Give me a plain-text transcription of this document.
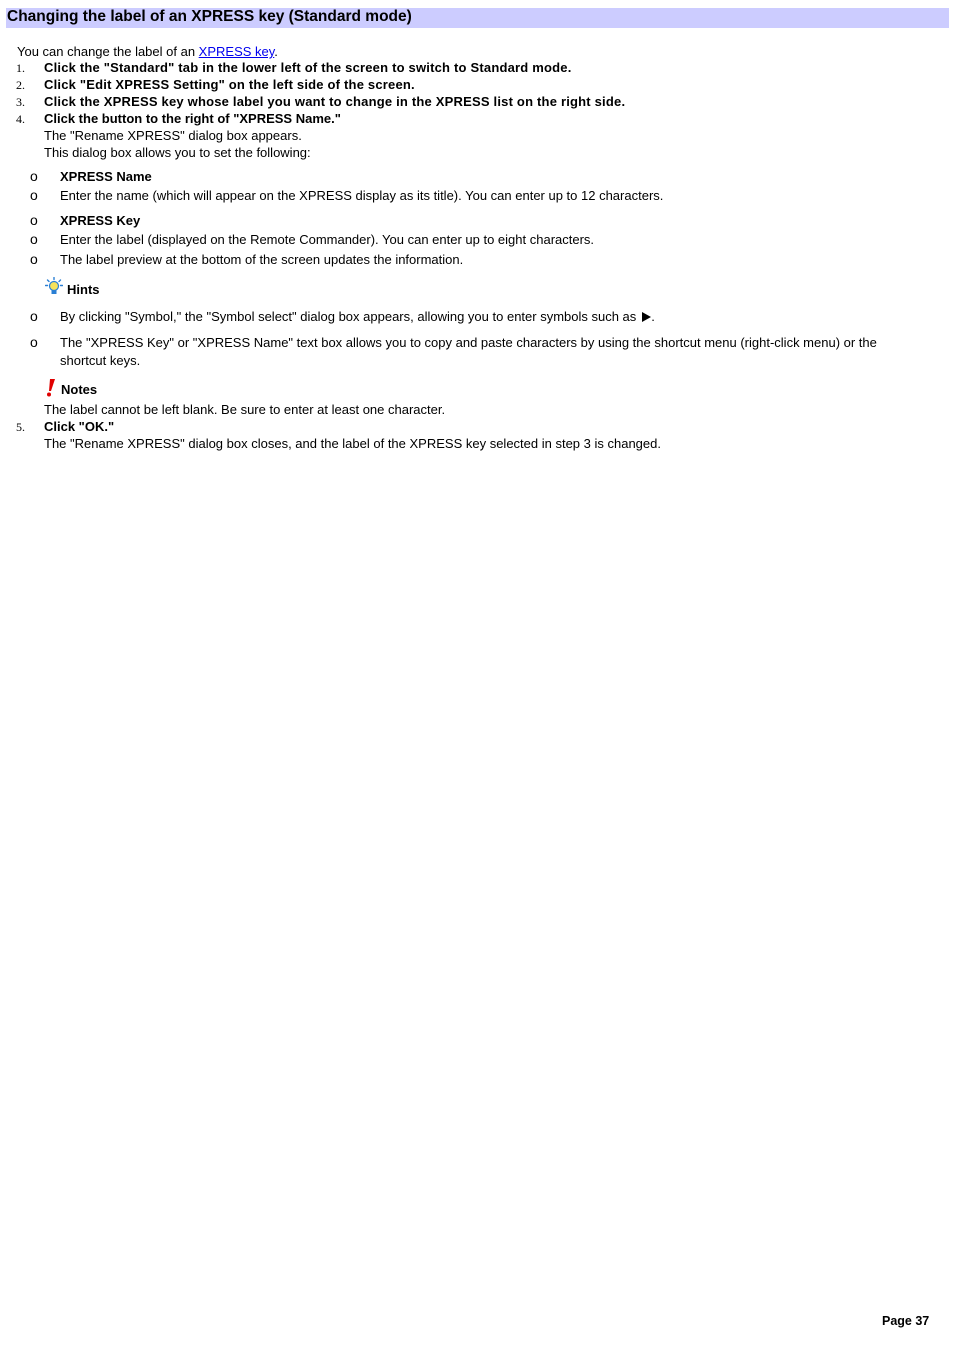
Changing the label of an XPRESS key (Standard mode)
You can change the label of an XPRESS key.
1. Click the "Standard" tab in the lower left of the screen to switch to Standard mode.
2. Click "Edit XPRESS Setting" on the left side of the screen.
3. Click the XPRESS key whose label you want to change in the XPRESS list on the right side.
4. Click the button to the right of "XPRESS Name."
The "Rename XPRESS" dialog box appears.
This dialog box allows you to set the following:
o XPRESS Name
o Enter the name (which will appear on the XPRESS display as its title). You can enter up to 12 characters.
o XPRESS Key
o Enter the label (displayed on the Remote Commander). You can enter up to eight characters.
o The label preview at the bottom of the screen updates the information.
Hints
o By clicking "Symbol," the "Symbol select" dialog box appears, allowing you to enter symbols such as .
o The "XPRESS Key" or "XPRESS Name" text box allows you to copy and paste characters by using the shortcut menu (right-click menu) or the
shortcut keys.
Notes
The label cannot be left blank. Be sure to enter at least one character.
5. Click "OK."
The "Rename XPRESS" dialog box closes, and the label of the XPRESS key selected in step 3 is changed.
Page 37
